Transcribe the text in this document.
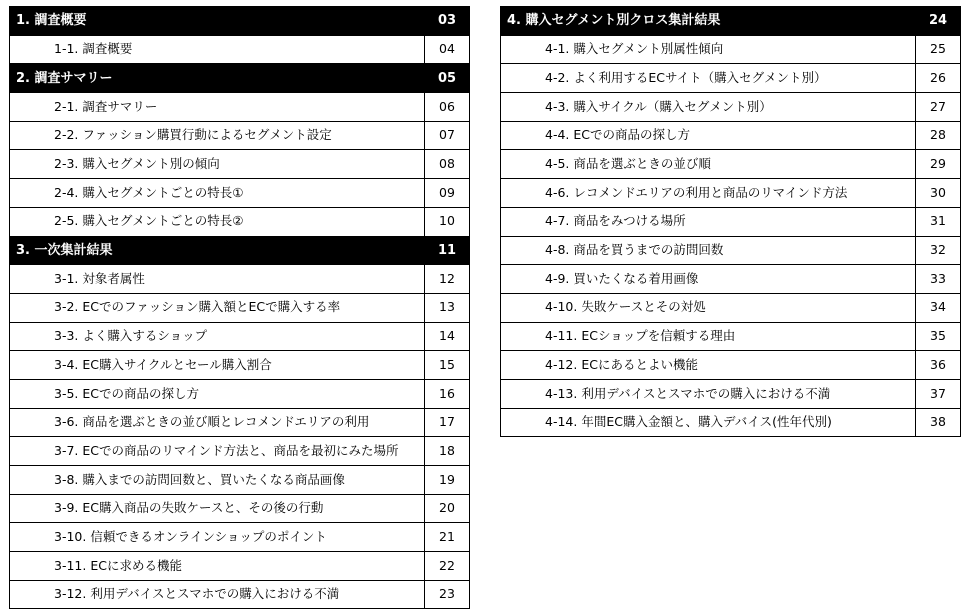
1. 調査概要	03
1-1. 調査概要	04
2. 調査サマリー	05
2-1. 調査サマリー	06
2-2. ファッション購買行動によるセグメント設定	07
2-3. 購入セグメント別の傾向	08
2-4. 購入セグメントごとの特長①	09
2-5. 購入セグメントごとの特長②	10
3. 一次集計結果	11
3-1. 対象者属性	12
3-2. ECでのファッション購入額とECで購入する率	13
3-3. よく購入するショップ	14
3-4. EC購入サイクルとセール購入割合	15
3-5. ECでの商品の探し方	16
3-6. 商品を選ぶときの並び順とレコメンドエリアの利用	17
3-7. ECでの商品のリマインド方法と、商品を最初にみた場所	18
3-8. 購入までの訪問回数と、買いたくなる商品画像	19
3-9. EC購入商品の失敗ケースと、その後の行動	20
3-10. 信頼できるオンラインショップのポイント	21
3-11. ECに求める機能	22
3-12. 利用デバイスとスマホでの購入における不満	23
4. 購入セグメント別クロス集計結果	24
4-1. 購入セグメント別属性傾向	25
4-2. よく利用するECサイト（購入セグメント別）	26
4-3. 購入サイクル（購入セグメント別）	27
4-4. ECでの商品の探し方	28
4-5. 商品を選ぶときの並び順	29
4-6. レコメンドエリアの利用と商品のリマインド方法	30
4-7. 商品をみつける場所	31
4-8. 商品を買うまでの訪問回数	32
4-9. 買いたくなる着用画像	33
4-10. 失敗ケースとその対処	34
4-11. ECショップを信頼する理由	35
4-12. ECにあるとよい機能	36
4-13. 利用デバイスとスマホでの購入における不満	37
4-14. 年間EC購入金額と、購入デバイス(性年代別)	38
